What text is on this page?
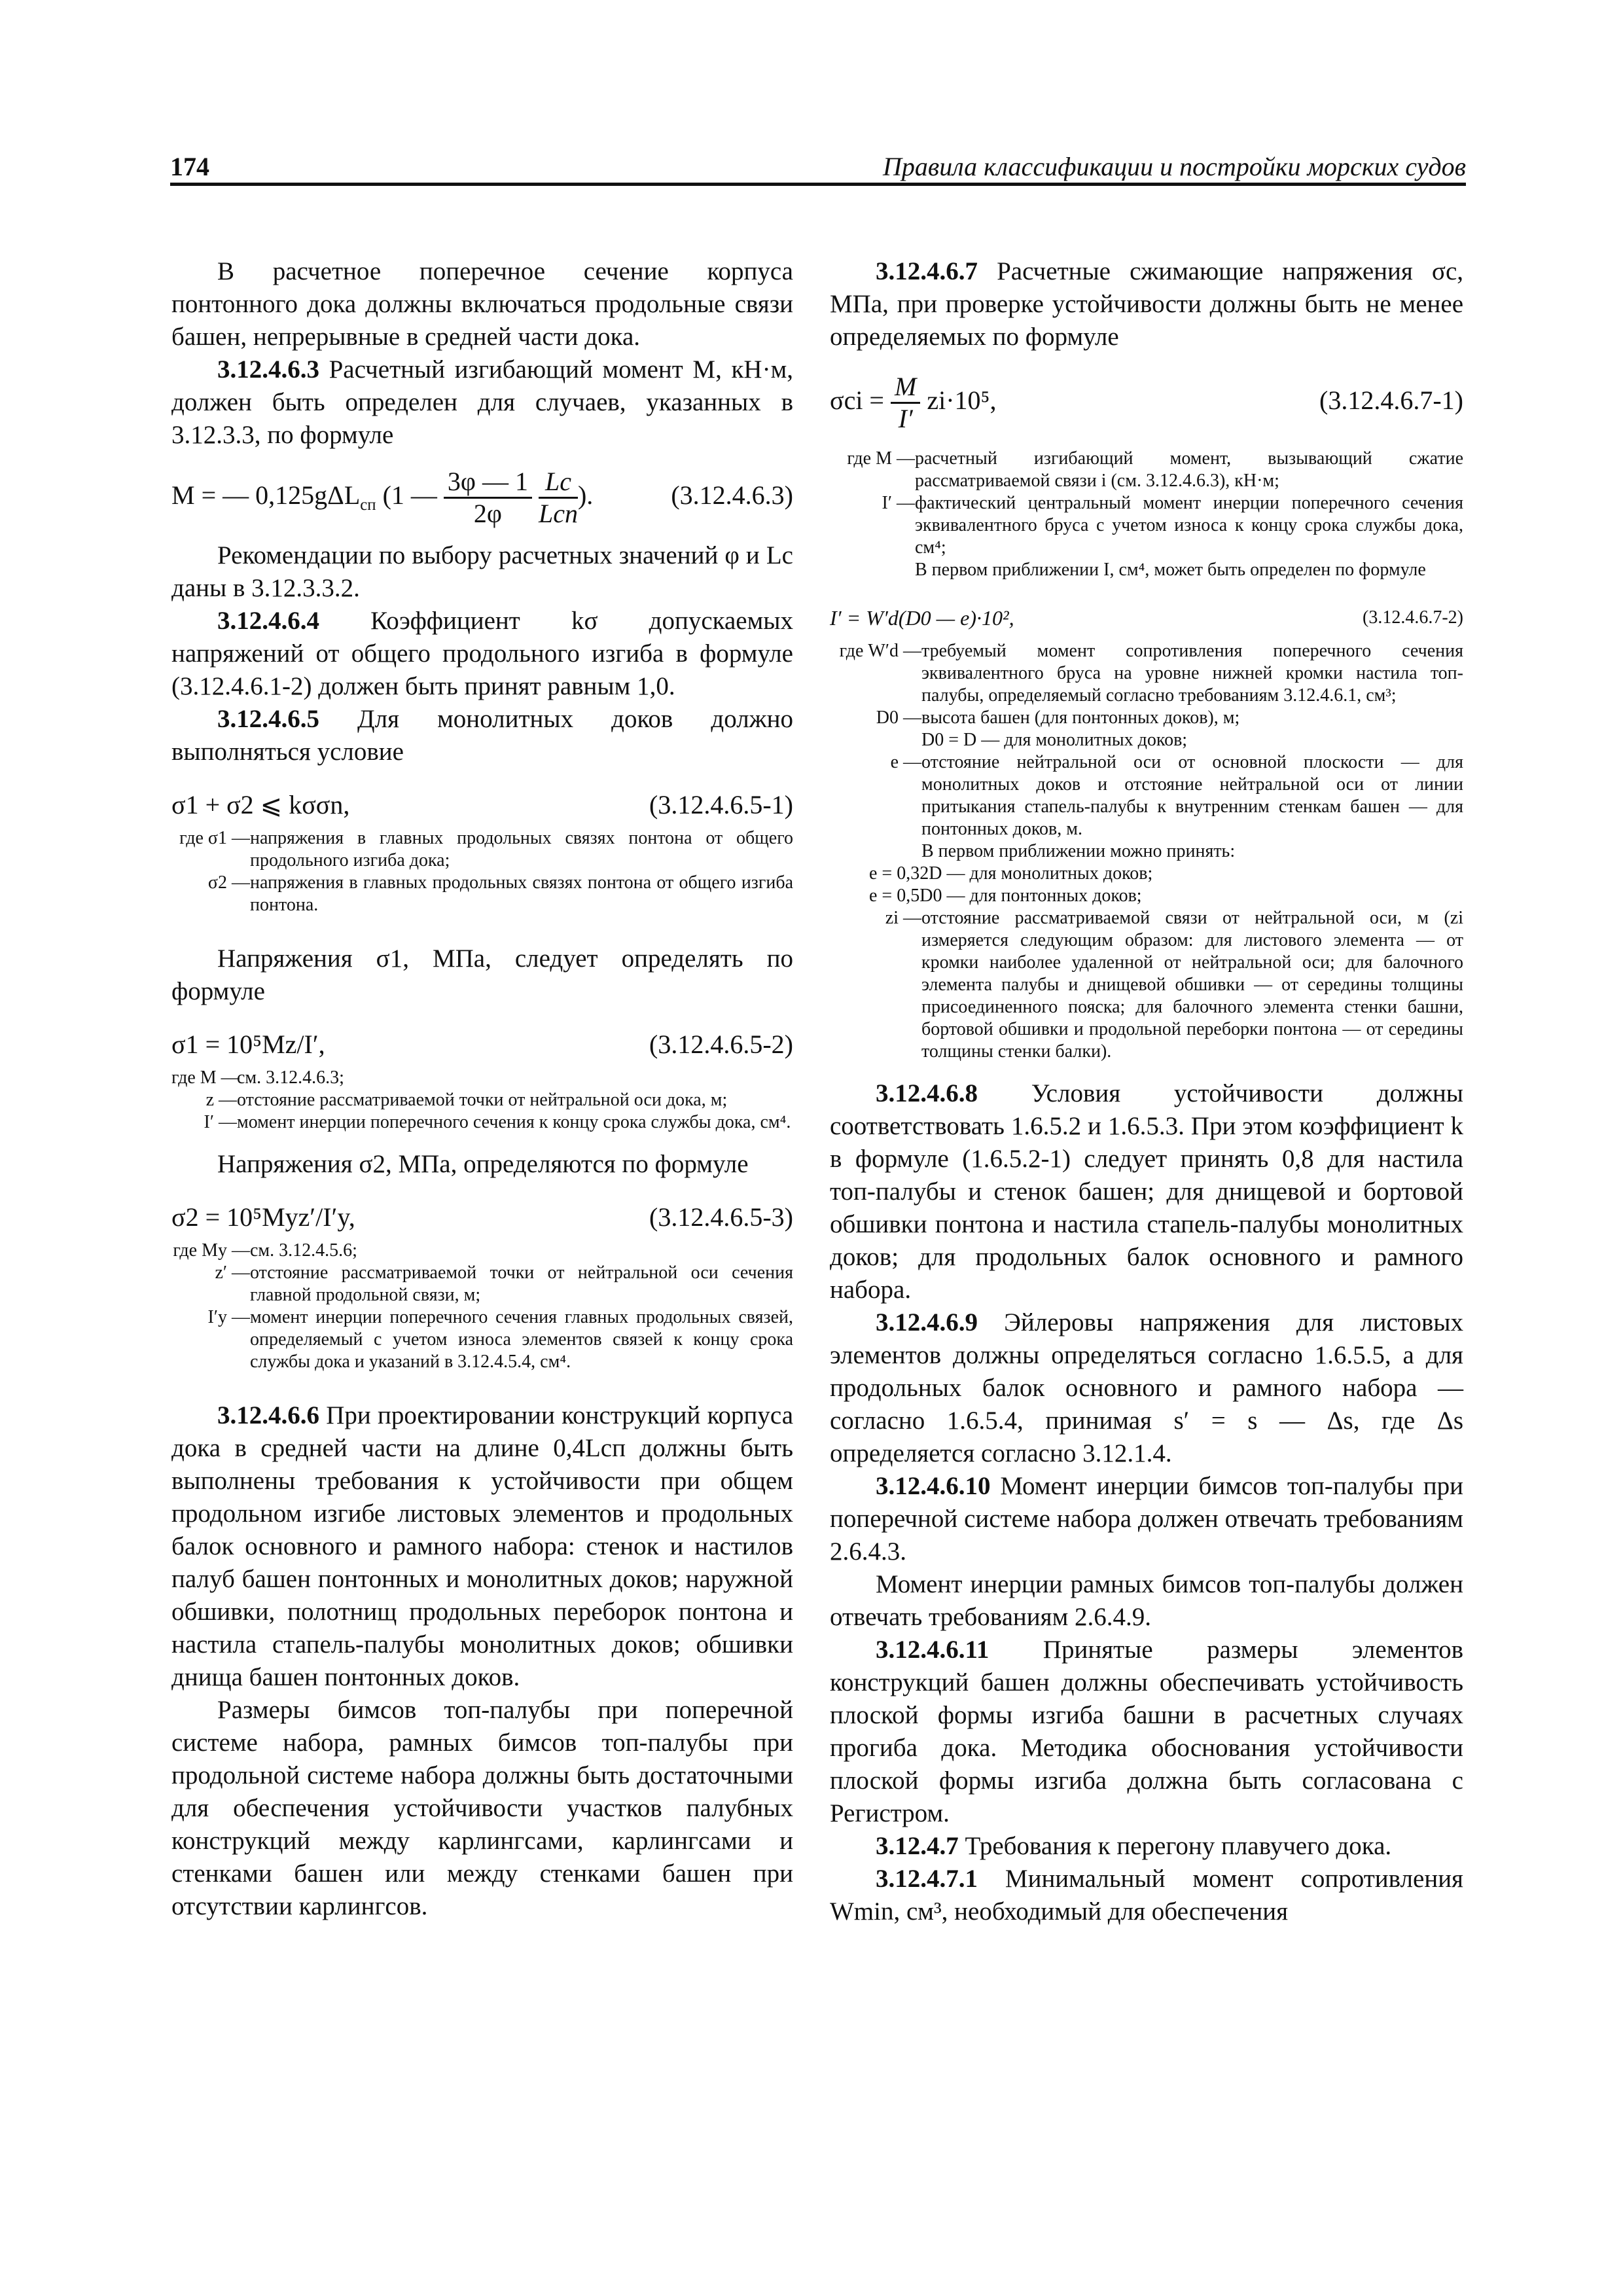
174	Правила классификации и постройки морских судов

В расчетное поперечное сечение корпуса понтонного дока должны включаться продольные связи башен, непрерывные в средней части дока.

3.12.4.6.3 Расчетный изгибающий момент M, кН·м, должен быть определен для случаев, указанных в 3.12.3.3, по формуле

M = — 0,125gΔL$_{сп}$ (1 — $\frac{3\varphi — 1}{2\varphi}$
$\frac{Lc}{\text{Lсп}}$ ).	(3.12.4.6.3)

Рекомендации по выбору расчетных значений φ и Lc даны в 3.12.3.3.2.

3.12.4.6.4 Коэффициент kσ допускаемых напряжений от общего продольного изгиба в формуле (3.12.4.6.1-2) должен быть принят равным 1,0.

3.12.4.6.5 Для монолитных доков должно выполняться условие

σ1 + σ2 ⩽ kσσn,	(3.12.4.6.5-1)
где σ1 — напряжения в главных продольных связях понтона от общего продольного изгиба дока;
σ2 — напряжения в главных продольных связях понтона от общего изгиба понтона.

Напряжения σ1, МПа, следует определять по формуле

σ1 = 10⁵Mz/I′,	(3.12.4.6.5-2)
где M —
см. 3.12.4.6.3;
z — отстояние рассматриваемой точки от нейтральной оси дока, м;
I′ — момент инерции поперечного сечения к концу срока службы дока, см⁴.

Напряжения σ2, МПа, определяются по формуле

σ2 = 10⁵Myz′/I′y,	(3.12.4.6.5-3)
где My — см. 3.12.4.5.6;
z′ — отстояние рассматриваемой точки от нейтральной оси сечения главной продольной связи, м;
I′y — момент инерции поперечного сечения главных продольных связей, определяемый с учетом износа элементов связей к концу срока службы дока и указаний в 3.12.4.5.4, см⁴.

3.12.4.6.6 При проектировании конструкций корпуса дока в средней части на длине 0,4Lсп должны быть выполнены требования к устойчивости при общем продольном изгибе листовых элементов и продольных балок основного и рамного набора: стенок и настилов палуб башен понтонных и монолитных доков; наружной обшивки, полотнищ продольных переборок понтона и настила стапель-палубы монолитных доков; обшивки днища башен понтонных доков.

Размеры бимсов топ-палубы при поперечной системе набора, рамных бимсов топ-палубы при продольной системе набора должны быть достаточными для обеспечения устойчивости участков палубных конструкций между карлингсами, карлингсами и стенками башен или между стенками башен при отсутствии карлингсов.

3.12.4.6.7 Расчетные сжимающие напряжения σc, МПа, при проверке устойчивости должны быть не менее определяемых по формуле

$\sigma ci = \frac{M}{I'} zi\cdot 10^5$,	(3.12.4.6.7-1)
где M — расчетный изгибающий момент, вызывающий сжатие рассматриваемой связи i (см. 3.12.4.6.3), кН·м;
I′ — фактический центральный момент инерции поперечного сечения эквивалентного бруса с учетом износа к концу срока службы дока, см⁴;
В первом приближении I, см⁴, может быть определен по формуле
I′ = W′d(D0 — e)·10²,	(3.12.4.6.7-2)
где W′d — требуемый момент сопротивления поперечного сечения эквивалентного бруса на уровне нижней кромки настила топ-палубы, определяемый согласно требованиям 3.12.4.6.1, см³;
D0 — высота башен (для понтонных доков), м;
D0 = D — для монолитных доков;
e — отстояние нейтральной оси от основной плоскости — для монолитных доков и отстояние нейтральной оси от линии притыкания стапель-палубы к внутренним стенкам башен — для понтонных доков, м.
В первом приближении можно принять:
e = 0,32D — для монолитных доков;
e = 0,5D0 — для понтонных доков;
zi — отстояние рассматриваемой связи от нейтральной оси, м (zi измеряется следующим образом: для листового элемента — от кромки наиболее удаленной от нейтральной оси; для балочного элемента палубы и днищевой обшивки — от середины толщины присоединенного пояска; для балочного элемента стенки башни, бортовой обшивки и продольной переборки понтона — от середины толщины стенки балки).

3.12.4.6.8 Условия устойчивости должны соответствовать 1.6.5.2 и 1.6.5.3. При этом коэффициент k в формуле (1.6.5.2-1) следует принять 0,8 для настила топ-палубы и стенок башен; для днищевой и бортовой обшивки понтона и настила стапель-палубы монолитных доков; для продольных балок основного и рамного набора.

3.12.4.6.9 Эйлеровы напряжения для листовых элементов должны определяться согласно 1.6.5.5, а для продольных балок основного и рамного набора — согласно 1.6.5.4, принимая s′ = s — Δs, где Δs определяется согласно 3.12.1.4.

3.12.4.6.10 Момент инерции бимсов топ-палубы при поперечной системе набора должен отвечать требованиям 2.6.4.3.

Момент инерции рамных бимсов топ-палубы должен отвечать требованиям 2.6.4.9.

3.12.4.6.11 Принятые размеры элементов конструкций башен должны обеспечивать устойчивость плоской формы изгиба башни в расчетных случаях прогиба дока. Методика обоснования устойчивости плоской формы изгиба должна быть согласована с Регистром.

3.12.4.7 Требования к перегону плавучего дока.

3.12.4.7.1 Минимальный момент сопротивления Wmin, см³, необходимый для обеспечения
